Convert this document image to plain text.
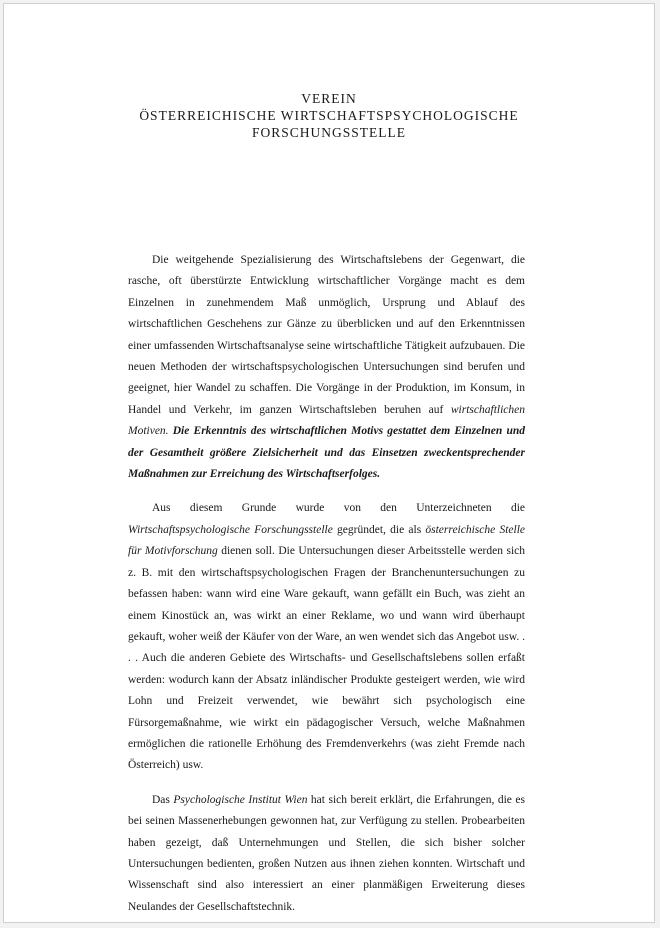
VEREIN
ÖSTERREICHISCHE WIRTSCHAFTSPSYCHOLOGISCHE
FORSCHUNGSSTELLE

Die weitgehende Spezialisierung des Wirtschaftslebens der Gegenwart, die rasche, oft überstürzte Entwicklung wirtschaftlicher Vorgänge macht es dem Einzelnen in zunehmendem Maß unmöglich, Ursprung und Ablauf des wirtschaftlichen Geschehens zur Gänze zu überblicken und auf den Erkenntnissen einer umfassenden Wirtschaftsanalyse seine wirtschaftliche Tätigkeit aufzubauen. Die neuen Methoden der wirtschaftspsychologischen Untersuchungen sind berufen und geeignet, hier Wandel zu schaffen. Die Vorgänge in der Produktion, im Konsum, in Handel und Verkehr, im ganzen Wirtschaftsleben beruhen auf wirtschaftlichen Motiven. Die Erkenntnis des wirtschaftlichen Motivs gestattet dem Einzelnen und der Gesamtheit größere Zielsicherheit und das Einsetzen zweckentsprechender Maßnahmen zur Erreichung des Wirtschaftserfolges.

Aus diesem Grunde wurde von den Unterzeichneten die Wirtschaftspsychologische Forschungsstelle gegründet, die als österreichische Stelle für Motivforschung dienen soll. Die Untersuchungen dieser Arbeitsstelle werden sich z. B. mit den wirtschaftspsychologischen Fragen der Branchenuntersuchungen zu befassen haben: wann wird eine Ware gekauft, wann gefällt ein Buch, was zieht an einem Kinostück an, was wirkt an einer Reklame, wo und wann wird überhaupt gekauft, woher weiß der Käufer von der Ware, an wen wendet sich das Angebot usw. . . . Auch die anderen Gebiete des Wirtschafts- und Gesellschaftslebens sollen erfaßt werden: wodurch kann der Absatz inländischer Produkte gesteigert werden, wie wird Lohn und Freizeit verwendet, wie bewährt sich psychologisch eine Fürsorgemaßnahme, wie wirkt ein pädagogischer Versuch, welche Maßnahmen ermöglichen die rationelle Erhöhung des Fremdenverkehrs (was zieht Fremde nach Österreich) usw.

Das Psychologische Institut Wien hat sich bereit erklärt, die Erfahrungen, die es bei seinen Massenerhebungen gewonnen hat, zur Verfügung zu stellen. Probearbeiten haben gezeigt, daß Unternehmungen und Stellen, die sich bisher solcher Untersuchungen bedienten, großen Nutzen aus ihnen ziehen konnten. Wirtschaft und Wissenschaft sind also interessiert an einer planmäßigen Erweiterung dieses Neulandes der Gesellschaftstechnik.
